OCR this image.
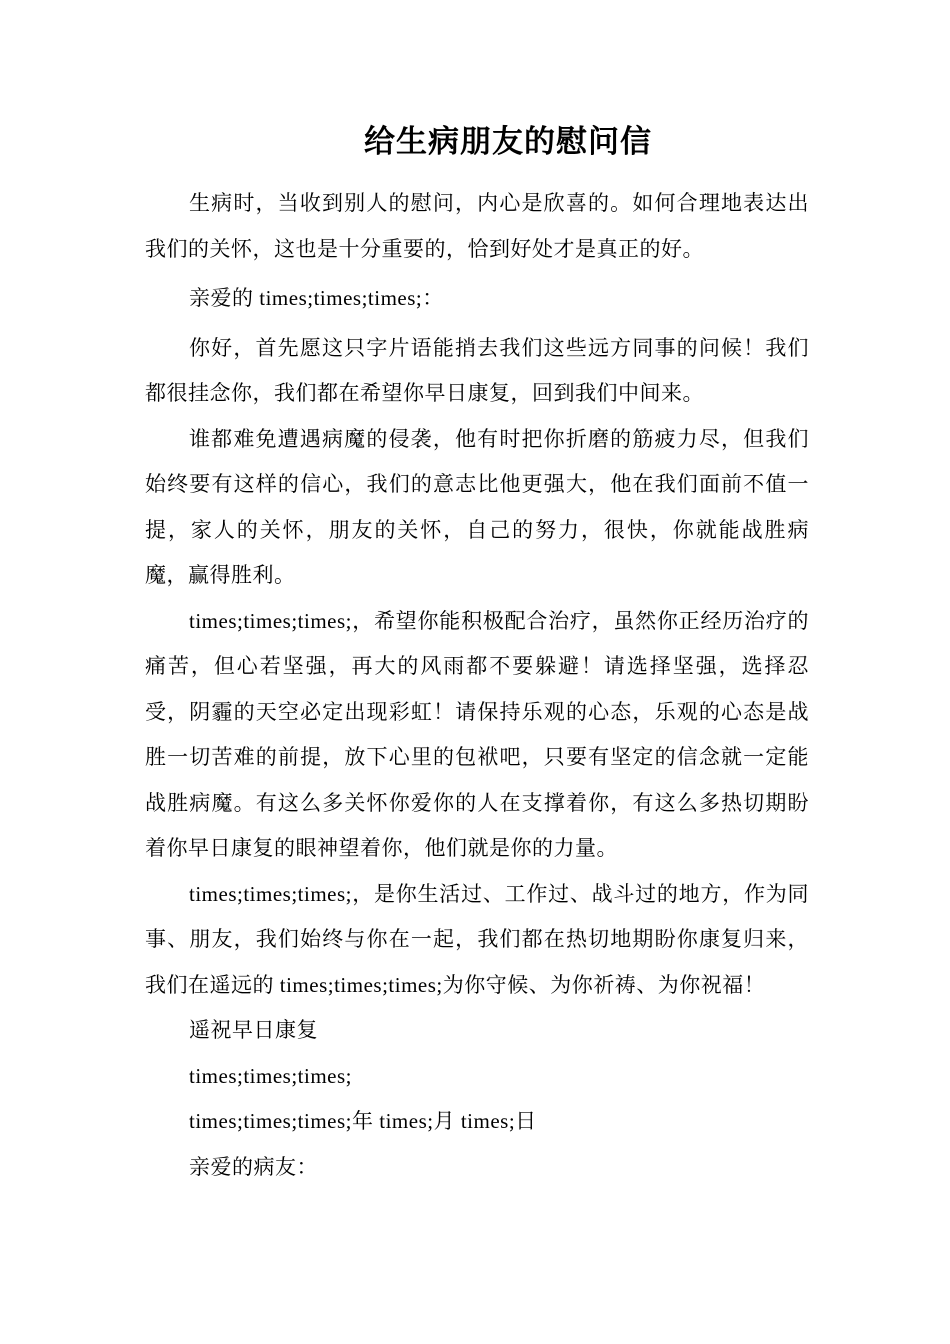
给生病朋友的慰问信

生病时，当收到别人的慰问，内心是欣喜的。如何合理地表达出我们的关怀，这也是十分重要的，恰到好处才是真正的好。

亲爱的 times;times;times;：

你好，首先愿这只字片语能捎去我们这些远方同事的问候！我们都很挂念你，我们都在希望你早日康复，回到我们中间来。

谁都难免遭遇病魔的侵袭，他有时把你折磨的筋疲力尽，但我们始终要有这样的信心，我们的意志比他更强大，他在我们面前不值一提，家人的关怀，朋友的关怀，自己的努力，很快，你就能战胜病魔，赢得胜利。

times;times;times;，希望你能积极配合治疗，虽然你正经历治疗的痛苦，但心若坚强，再大的风雨都不要躲避！请选择坚强，选择忍受，阴霾的天空必定出现彩虹！请保持乐观的心态，乐观的心态是战胜一切苦难的前提，放下心里的包袱吧，只要有坚定的信念就一定能战胜病魔。有这么多关怀你爱你的人在支撑着你，有这么多热切期盼着你早日康复的眼神望着你，他们就是你的力量。

times;times;times;，是你生活过、工作过、战斗过的地方，作为同事、朋友，我们始终与你在一起，我们都在热切地期盼你康复归来，我们在遥远的 times;times;times;为你守候、为你祈祷、为你祝福！

遥祝早日康复

times;times;times;

times;times;times;年 times;月 times;日

亲爱的病友：
